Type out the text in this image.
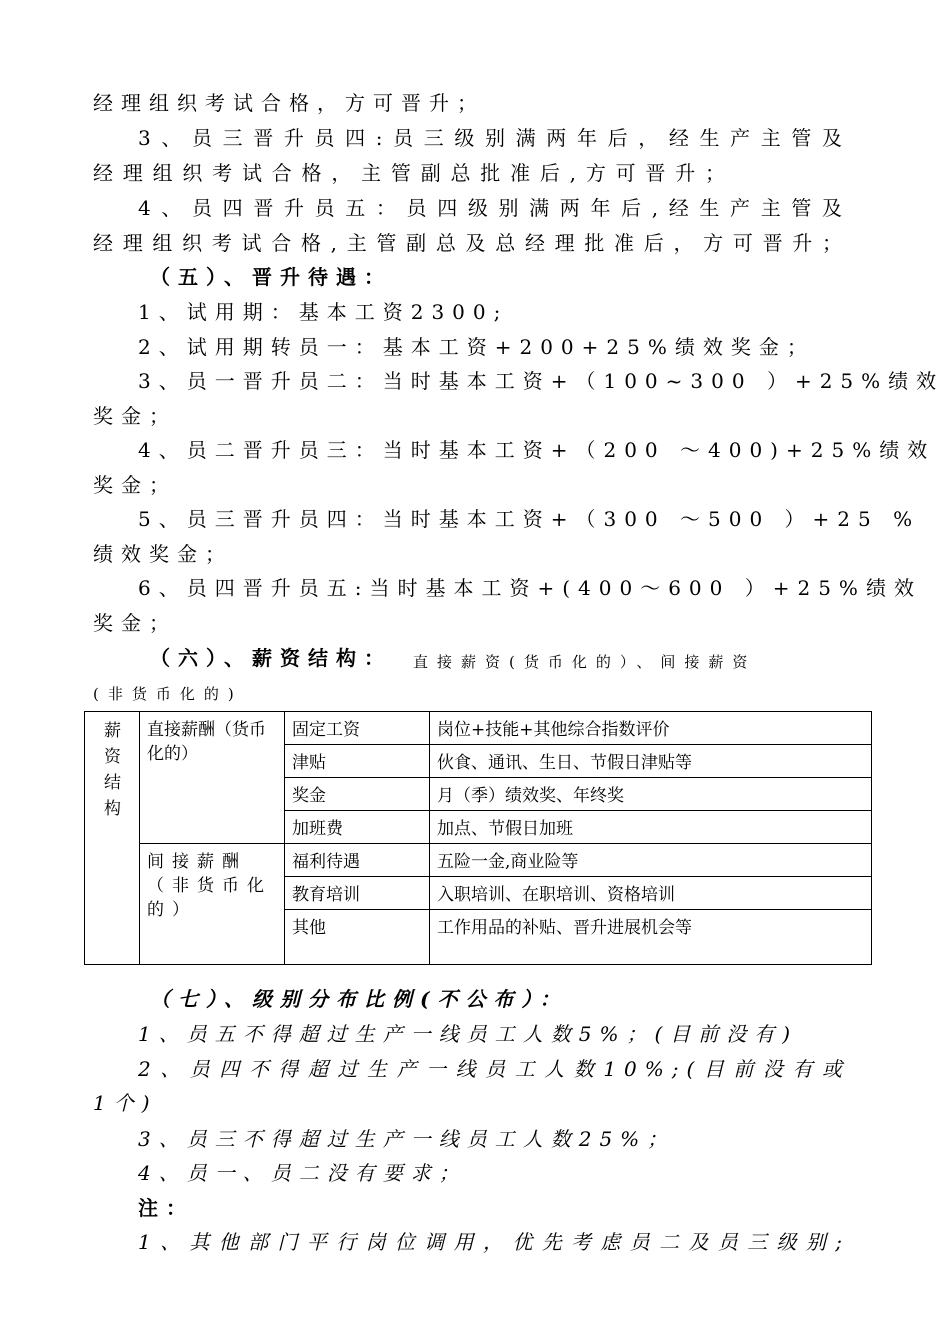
经理组织考试合格，方可晋升；
3、员三晋升员四:员三级别满两年后，经生产主管及
经理组织考试合格，主管副总批准后,方可晋升；
4、员四晋升员五：员四级别满两年后,经生产主管及
经理组织考试合格,主管副总及总经理批准后，方可晋升；
（五）、晋升待遇：
1、试用期：基本工资2300;
2、试用期转员一：基本工资+200+25%绩效奖金；
3、员一晋升员二：当时基本工资+（100~300 ）+25%绩效
奖金；
4、员二晋升员三：当时基本工资+（200 ～400)+25%绩效
奖金；
5、员三晋升员四：当时基本工资+（300 ～500 ）+25 %
绩效奖金；
6、员四晋升员五:当时基本工资+(400～600 ）+25%绩效
奖金；
（六）、薪资结构： 直接薪资(货币化的）、间接薪资
(非货币化的)
薪
资
结
构	直接薪酬（货币化的）	固定工资	岗位+技能+其他综合指数评价
		津贴	伙食、通讯、生日、节假日津贴等
		奖金	月（季）绩效奖、年终奖
		加班费	加点、节假日加班
	间接薪酬（非货币化的）	福利待遇	五险一金,商业险等
		教育培训	入职培训、在职培训、资格培训
		其他	工作用品的补贴、晋升进展机会等
（七）、级别分布比例(不公布）：
1、员五不得超过生产一线员工人数5%；(目前没有)
2、员四不得超过生产一线员工人数10%;(目前没有或
1个)
3、员三不得超过生产一线员工人数25%；
4、员一、员二没有要求；
注：
1、其他部门平行岗位调用，优先考虑员二及员三级别;
